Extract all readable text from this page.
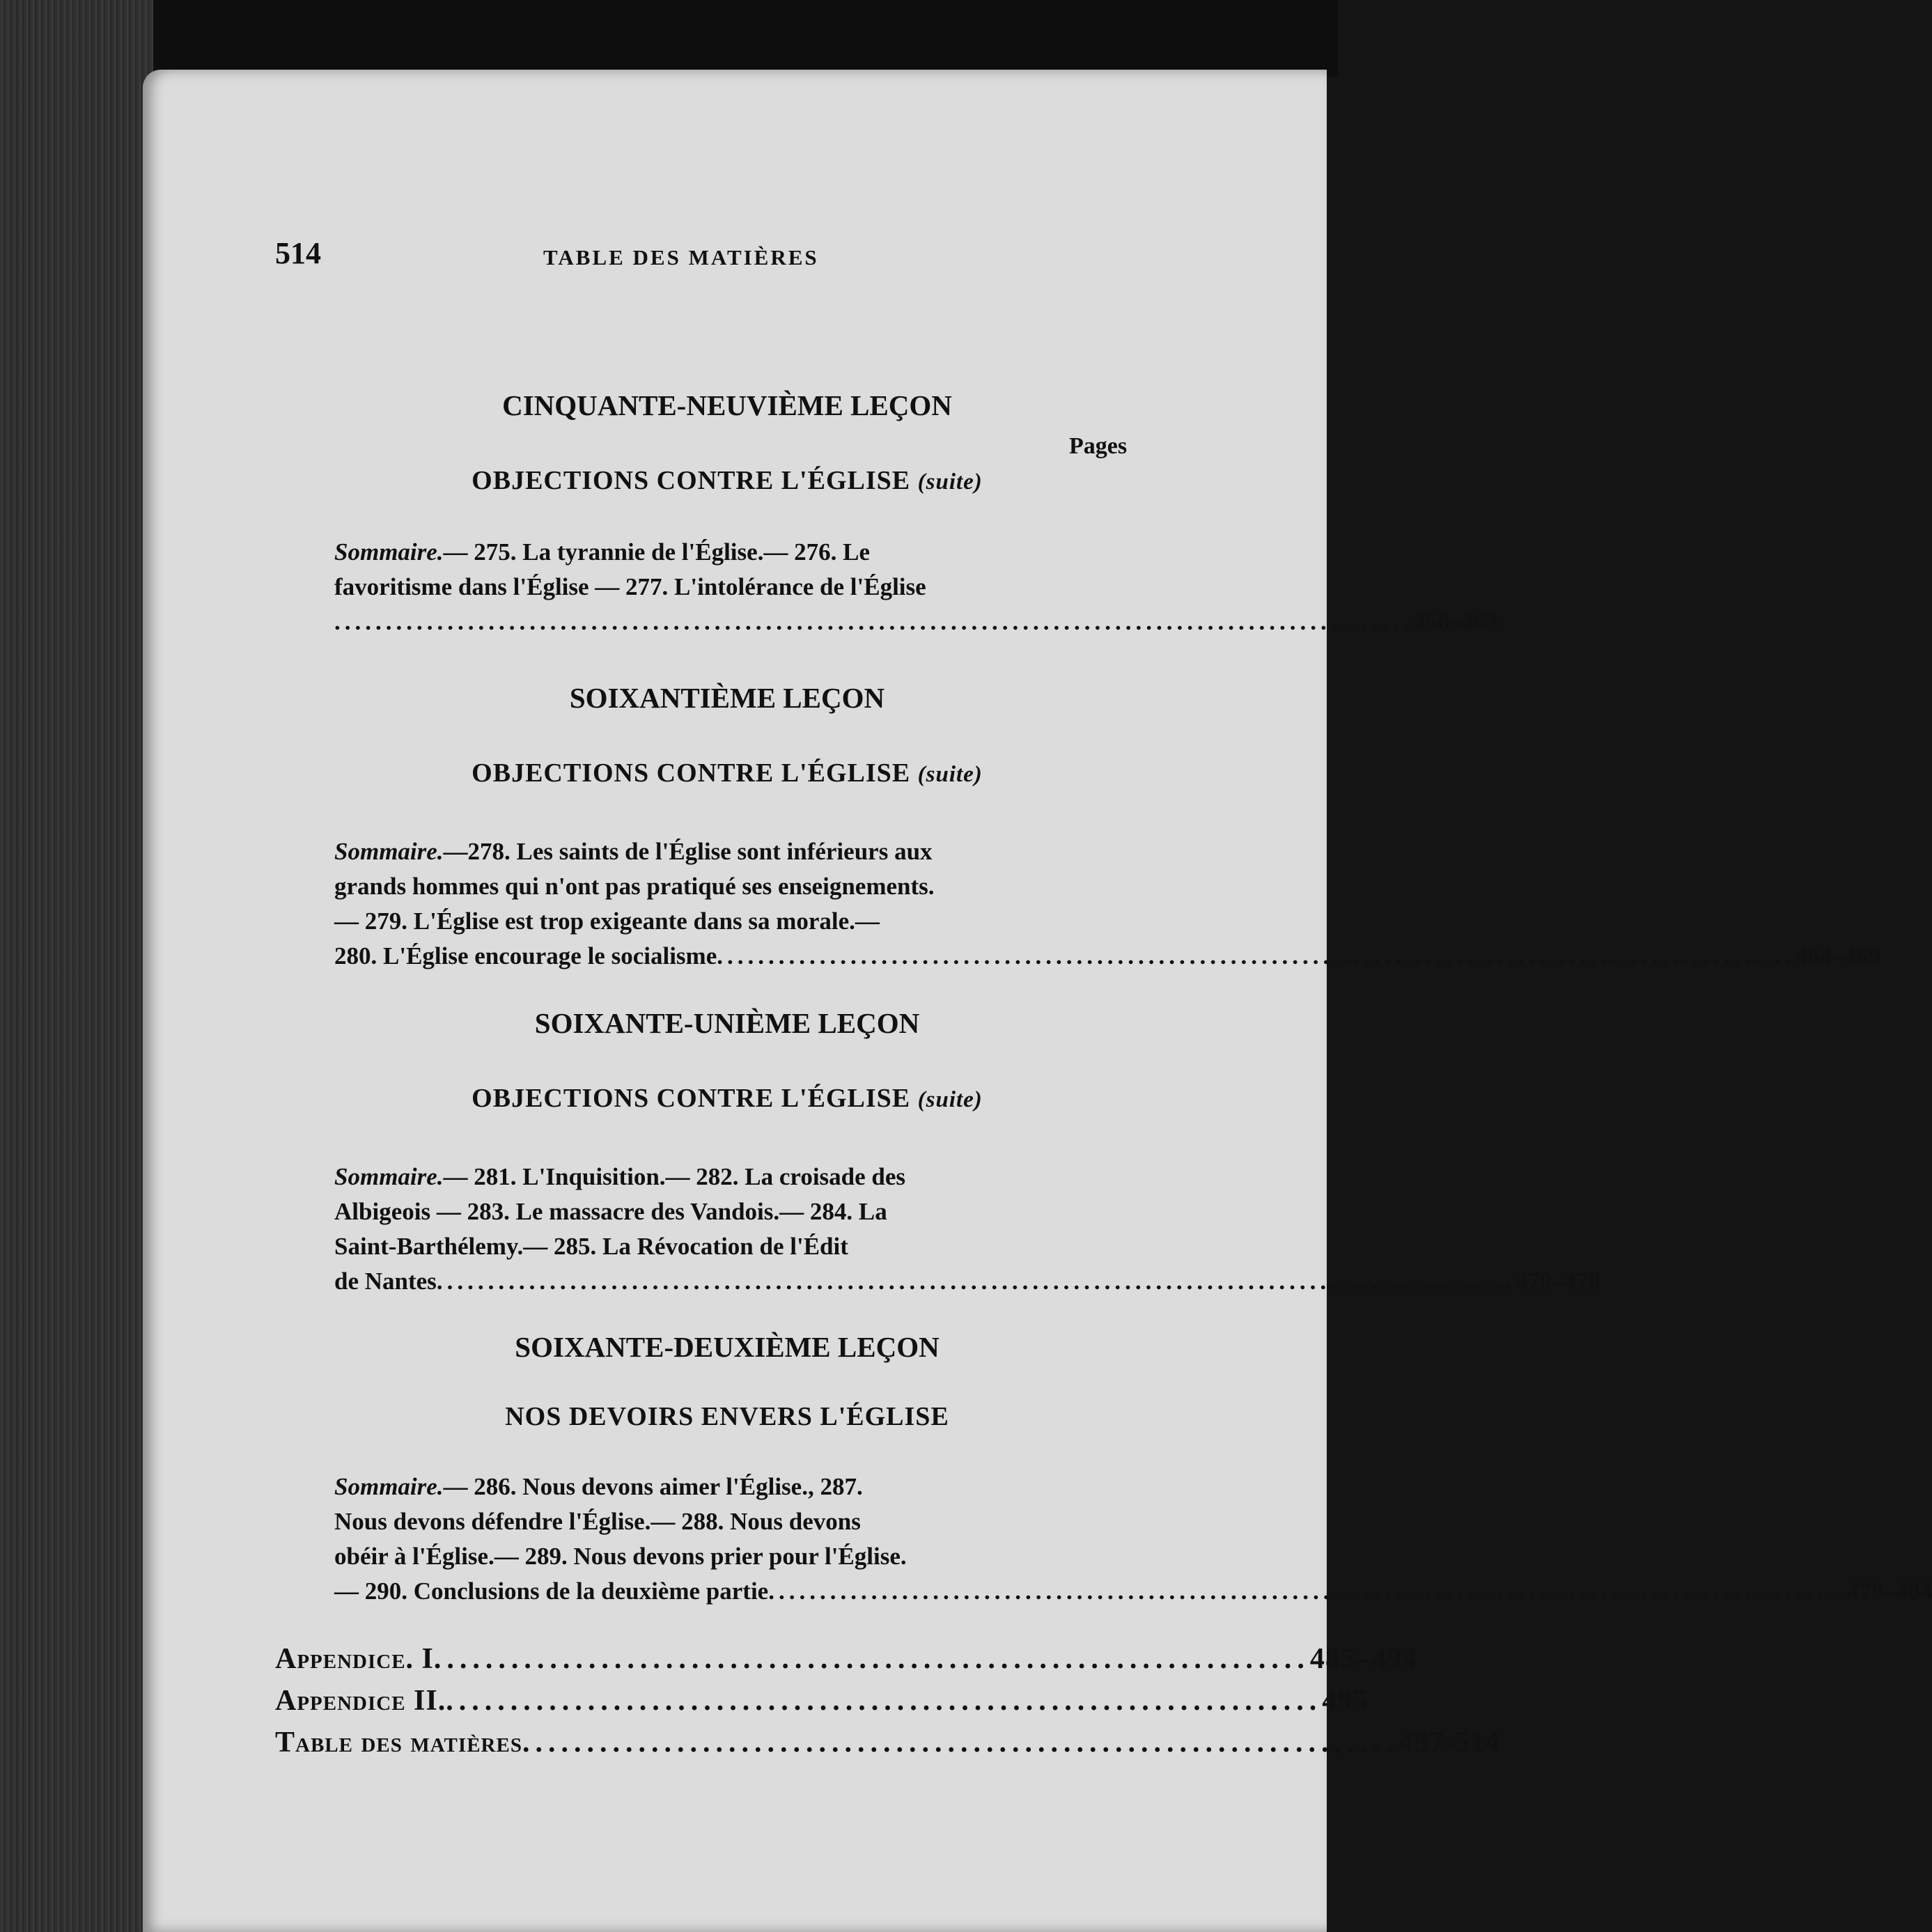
514	TABLE DES MATIÈRES
CINQUANTE-NEUVIÈME LEÇON
OBJECTIONS CONTRE L'ÉGLISE (suite)
Pages
Sommaire.— 275. La tyrannie de l'Église.— 276. Le
favoritisme dans l'Église — 277. L'intolérance de l'Église
......................................................................................................... 456–463
SOIXANTIÈME LEÇON
OBJECTIONS CONTRE L'ÉGLISE (suite)
Sommaire.—278. Les saints de l'Église sont inférieurs aux
grands hommes qui n'ont pas pratiqué ses enseignements.
— 279. L'Église est trop exigeante dans sa morale.—
280. L'Église encourage le socialisme ......................................................................................................... 464–469
SOIXANTE-UNIÈME LEÇON
OBJECTIONS CONTRE L'ÉGLISE (suite)
Sommaire.— 281. L'Inquisition.— 282. La croisade des
Albigeois — 283. Le massacre des Vandois.— 284. La
Saint-Barthélemy.— 285. La Révocation de l'Édit
de Nantes ......................................................................................................... 470–478
SOIXANTE-DEUXIÈME LEÇON
NOS DEVOIRS ENVERS L'ÉGLISE
Sommaire.— 286. Nous devons aimer l'Église., 287.
Nous devons défendre l'Église.— 288. Nous devons
obéir à l'Église.— 289. Nous devons prier pour l'Église.
— 290. Conclusions de la deuxième partie ......................................................................................................... 479–484
Appendice. I .................................................................... 485–494
Appendice II. .................................................................... 495
Table des matières .................................................................... 497-514
